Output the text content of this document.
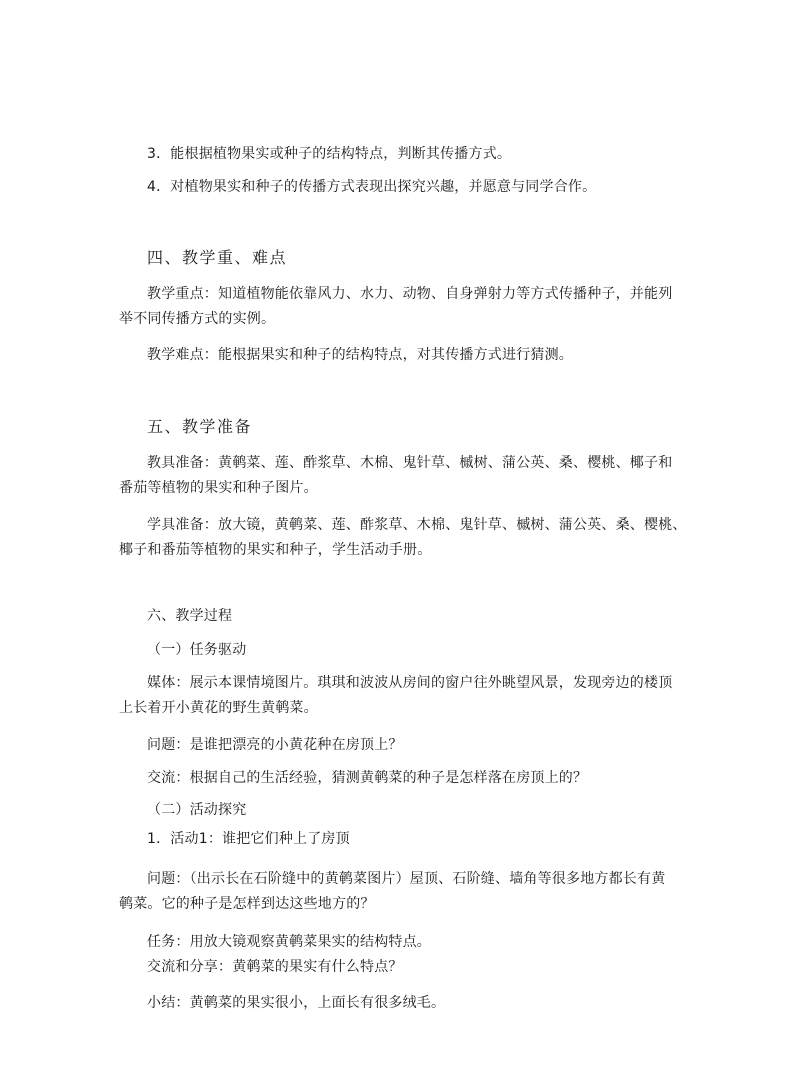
3．能根据植物果实或种子的结构特点，判断其传播方式。
4．对植物果实和种子的传播方式表现出探究兴趣，并愿意与同学合作。
四、教学重、难点
教学重点：知道植物能依靠风力、水力、动物、自身弹射力等方式传播种子，并能列
举不同传播方式的实例。
教学难点：能根据果实和种子的结构特点，对其传播方式进行猜测。
五、教学准备
教具准备：黄鹌菜、莲、酢浆草、木棉、鬼针草、槭树、蒲公英、桑、樱桃、椰子和
番茄等植物的果实和种子图片。
学具准备：放大镜，黄鹌菜、莲、酢浆草、木棉、鬼针草、槭树、蒲公英、桑、樱桃、
椰子和番茄等植物的果实和种子，学生活动手册。
六、教学过程
（一）任务驱动
媒体：展示本课情境图片。琪琪和波波从房间的窗户往外眺望风景，发现旁边的楼顶
上长着开小黄花的野生黄鹌菜。
问题：是谁把漂亮的小黄花种在房顶上？
交流：根据自己的生活经验，猜测黄鹌菜的种子是怎样落在房顶上的？
（二）活动探究
1．活动1：谁把它们种上了房顶
问题：（出示长在石阶缝中的黄鹌菜图片）屋顶、石阶缝、墙角等很多地方都长有黄
鹌菜。它的种子是怎样到达这些地方的？
任务：用放大镜观察黄鹌菜果实的结构特点。
交流和分享：黄鹌菜的果实有什么特点？
小结：黄鹌菜的果实很小，上面长有很多绒毛。
